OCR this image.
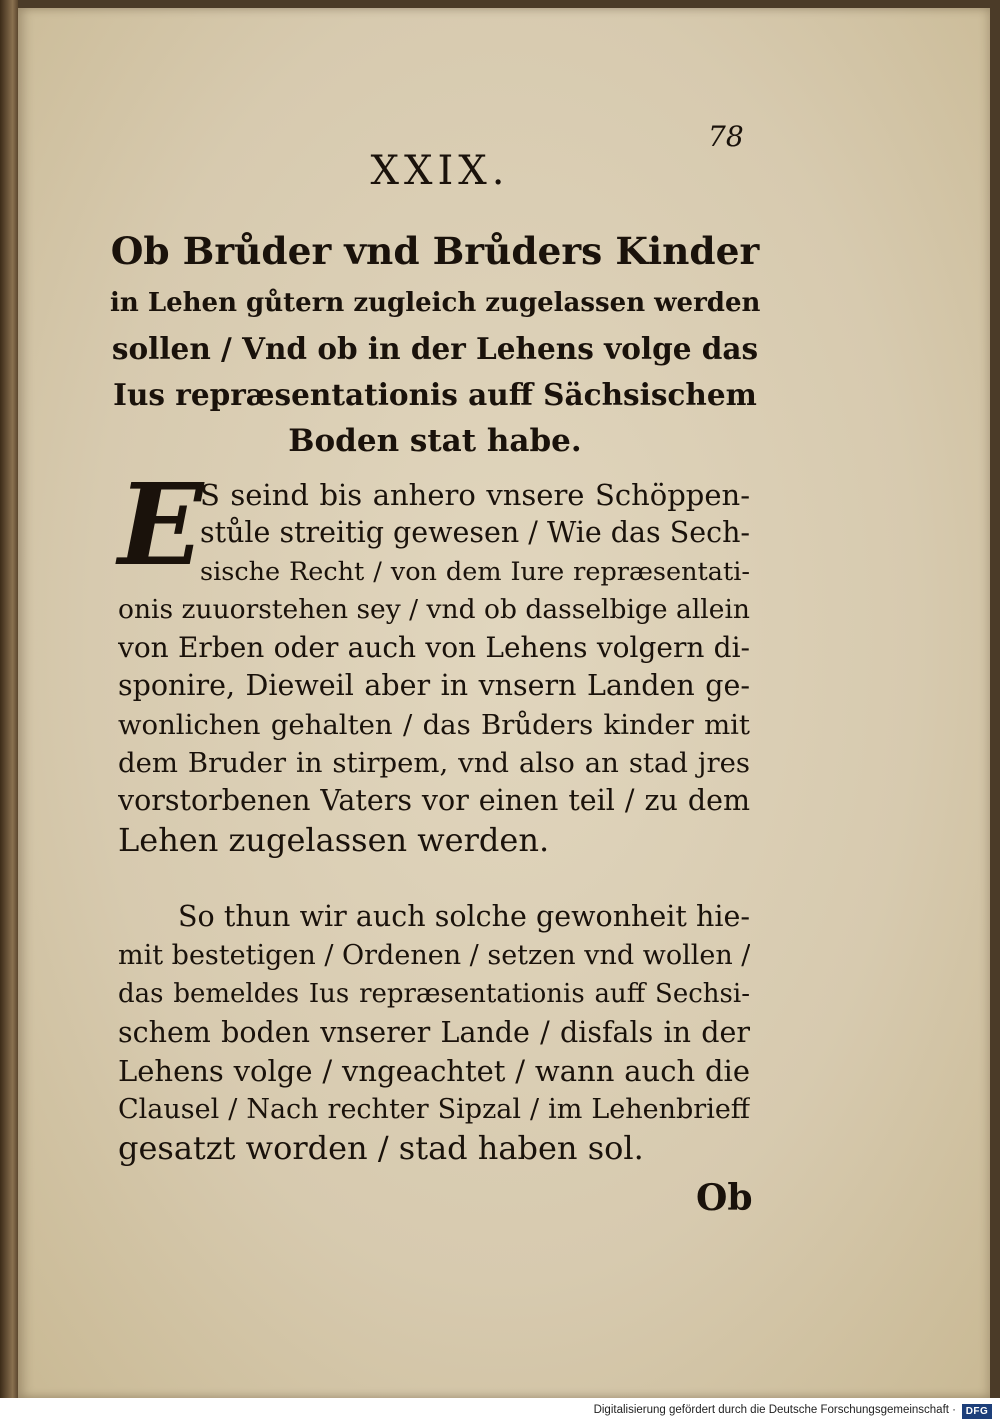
78
XXIX.
Ob Brůder vnd Brůders Kinder
in Lehen gůtern zugleich zugelassen werden
sollen / Vnd ob in der Lehens volge das
Ius repræsentationis auff Sächsischem
Boden stat habe.
E
S seind bis anhero vnsere Schöppen-
stůle streitig gewesen / Wie das Sech-
sische Recht / von dem Iure repræsentati-
onis zuuorstehen sey / vnd ob dasselbige allein
von Erben oder auch von Lehens volgern di-
sponire, Dieweil aber in vnsern Landen ge-
wonlichen gehalten / das Brůders kinder mit
dem Bruder in stirpem, vnd also an stad jres
vorstorbenen Vaters vor einen teil / zu dem
Lehen zugelassen werden.
So thun wir auch solche gewonheit hie-
mit bestetigen / Ordenen / setzen vnd wollen /
das bemeldes Ius repræsentationis auff Sechsi-
schem boden vnserer Lande / disfals in der
Lehens volge / vngeachtet / wann auch die
Clausel / Nach rechter Sipzal / im Lehenbrieff
gesatzt worden / stad haben sol.
Ob
Digitalisierung gefördert durch die Deutsche Forschungsgemeinschaft · DFG
